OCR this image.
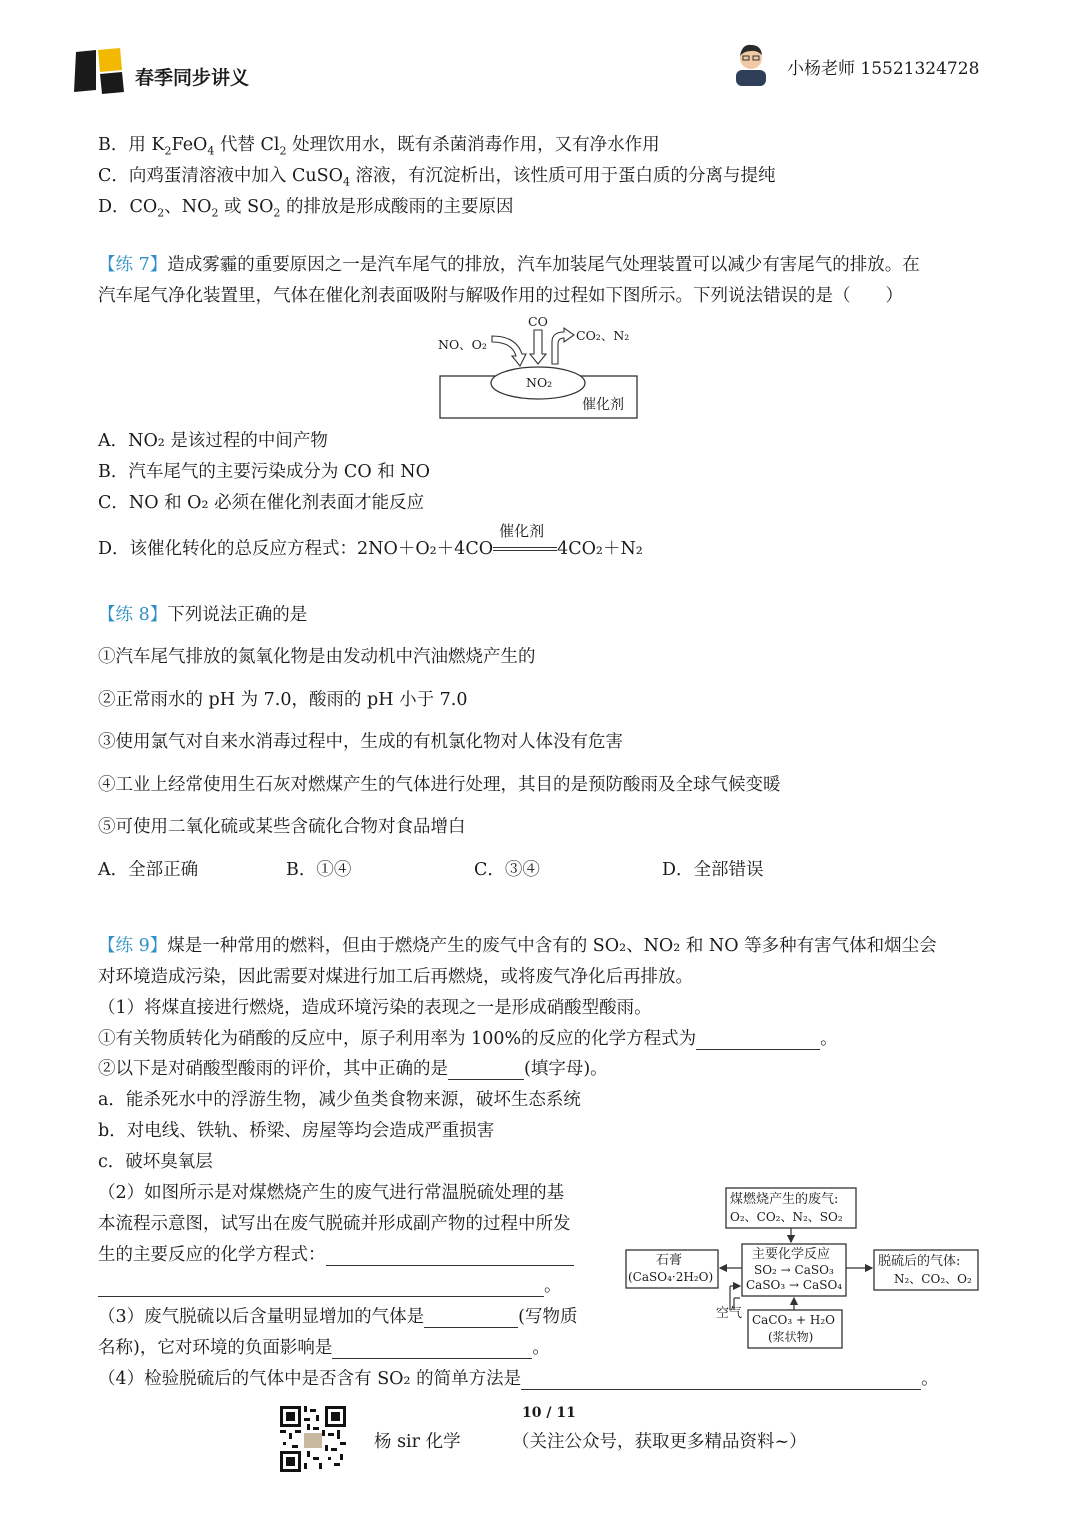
春季同步讲义	小杨老师 15521324728
B．用 $K_2FeO_4$ 代替 $Cl_2$ 处理饮用水，既有杀菌消毒作用，又有净水作用
C．向鸡蛋清溶液中加入 CuSO$_4$ 溶液，有沉淀析出，该性质可用于蛋白质的分离与提纯
D．$CO_2$、$NO_2$ 或 $SO_2$ 的排放是形成酸雨的主要原因
【练 7】造成雾霾的重要原因之一是汽车尾气的排放，汽车加装尾气处理装置可以减少有害尾气的排放。在
汽车尾气净化装置里，气体在催化剂表面吸附与解吸作用的过程如下图所示。下列说法错误的是（　　）
CO
NO、O₂
CO₂、N₂
NO₂
催化剂
A．NO₂ 是该过程的中间产物
B．汽车尾气的主要污染成分为 CO 和 NO
C．NO 和 O₂ 必须在催化剂表面才能反应
D．该催化转化的总反应方程式：2NO＋O₂＋4CO
催化剂
4CO₂＋N₂
【练 8】下列说法正确的是
①汽车尾气排放的氮氧化物是由发动机中汽油燃烧产生的
②正常雨水的 pH 为 7.0，酸雨的 pH 小于 7.0
③使用氯气对自来水消毒过程中，生成的有机氯化物对人体没有危害
④工业上经常使用生石灰对燃煤产生的气体进行处理，其目的是预防酸雨及全球气候变暖
⑤可使用二氧化硫或某些含硫化合物对食品增白
A．全部正确	B．①④	C．③④	D．全部错误
【练 9】煤是一种常用的燃料，但由于燃烧产生的废气中含有的 SO₂、NO₂ 和 NO 等多种有害气体和烟尘会
对环境造成污染，因此需要对煤进行加工后再燃烧，或将废气净化后再排放。
（1）将煤直接进行燃烧，造成环境污染的表现之一是形成硝酸型酸雨。
①有关物质转化为硝酸的反应中，原子利用率为 100%的反应的化学方程式为	。
②以下是对硝酸型酸雨的评价，其中正确的是	(填字母)。
a．能杀死水中的浮游生物，减少鱼类食物来源，破坏生态系统
b．对电线、铁轨、桥梁、房屋等均会造成严重损害
c．破坏臭氧层
（2）如图所示是对煤燃烧产生的废气进行常温脱硫处理的基
本流程示意图，试写出在废气脱硫并形成副产物的过程中所发
生的主要反应的化学方程式：
。
（3）废气脱硫以后含量明显增加的气体是	(写物质
名称)，它对环境的负面影响是	。
（4）检验脱硫后的气体中是否含有 SO₂ 的简单方法是	。
煤燃烧产生的废气:
O₂、CO₂、N₂、SO₂
主要化学反应
SO₂ → CaSO₃
CaSO₃ → CaSO₄
石膏
(CaSO₄·2H₂O)
脱硫后的气体:
N₂、CO₂、O₂
空气 CaCO₃ + H₂O
(浆状物)
10 / 11
杨 sir 化学	（关注公众号，获取更多精品资料~）
